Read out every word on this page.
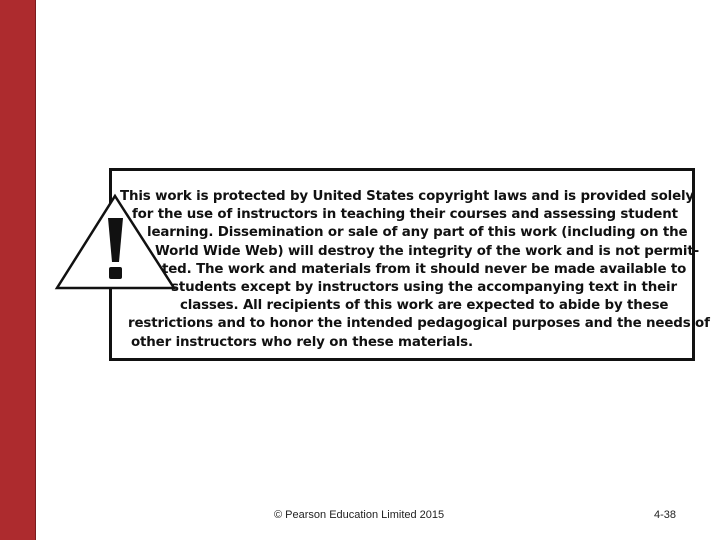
This work is protected by United States copyright laws and is provided solely
for the use of instructors in teaching their courses and assessing student
learning. Dissemination or sale of any part of this work (including on the
World Wide Web) will destroy the integrity of the work and is not permit-
ted. The work and materials from it should never be made available to
students except by instructors using the accompanying text in their
classes. All recipients of this work are expected to abide by these
restrictions and to honor the intended pedagogical purposes and the needs of
other instructors who rely on these materials.

© Pearson Education Limited 2015	4-38
